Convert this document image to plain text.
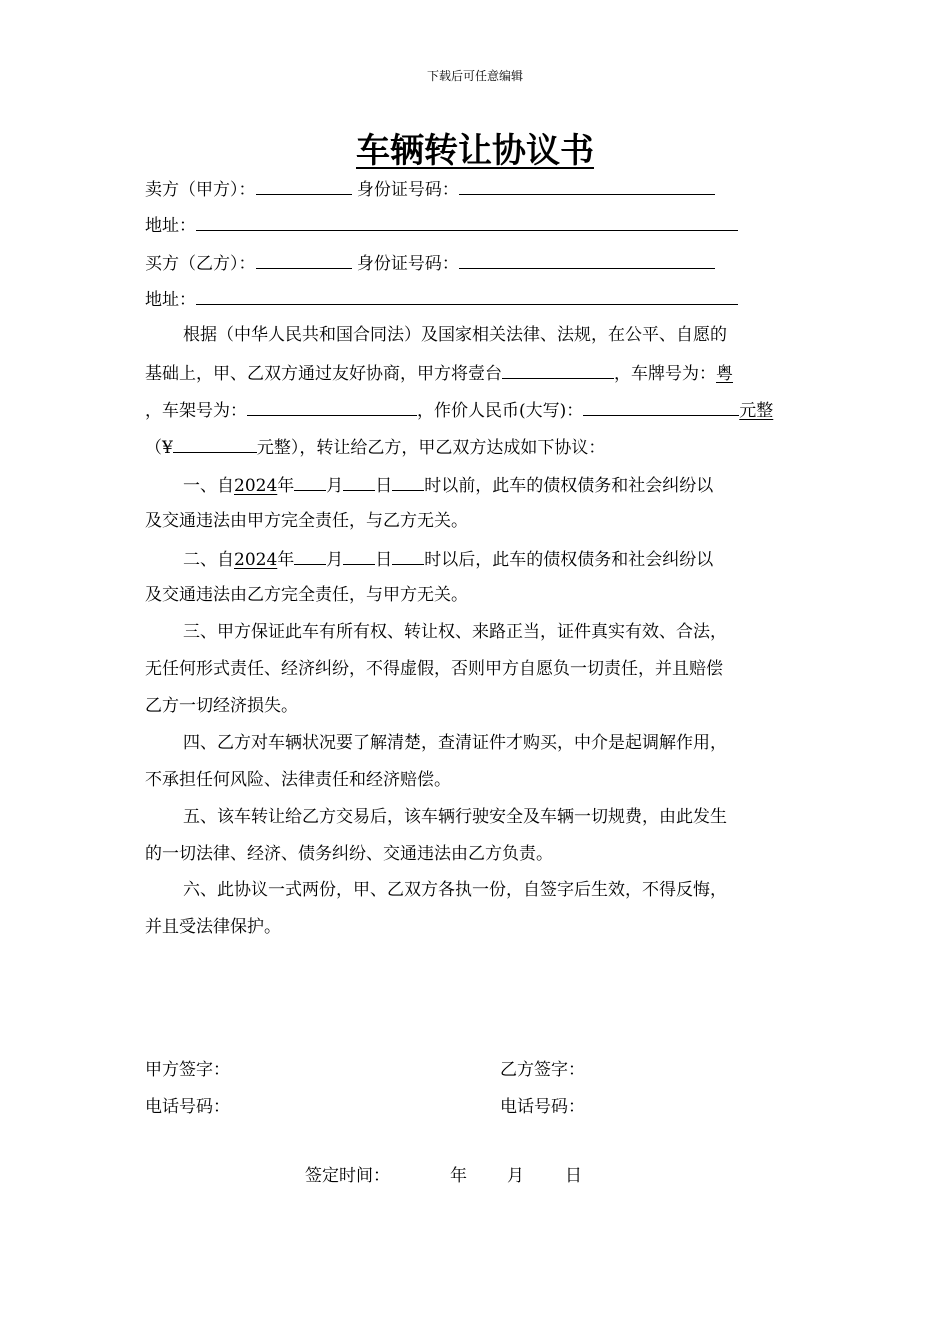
下载后可任意编辑
车辆转让协议书
卖方（甲方）：	身份证号码：
地址：
买方（乙方）：	身份证号码：
地址：
根据（中华人民共和国合同法）及国家相关法律、法规，在公平、自愿的
基础上，甲、乙双方通过友好协商，甲方将壹台	，车牌号为：粤
，车架号为：	，作价人民币(大写)：	元整
（¥	元整），转让给乙方，甲乙双方达成如下协议：
一、自2024年 月 日 时以前，此车的债权债务和社会纠纷以
及交通违法由甲方完全责任，与乙方无关。
二、自2024年 月 日 时以后，此车的债权债务和社会纠纷以
及交通违法由乙方完全责任，与甲方无关。
三、甲方保证此车有所有权、转让权、来路正当，证件真实有效、合法，
无任何形式责任、经济纠纷，不得虚假，否则甲方自愿负一切责任，并且赔偿
乙方一切经济损失。
四、乙方对车辆状况要了解清楚，查清证件才购买，中介是起调解作用，
不承担任何风险、法律责任和经济赔偿。
五、该车转让给乙方交易后，该车辆行驶安全及车辆一切规费，由此发生
的一切法律、经济、债务纠纷、交通违法由乙方负责。
六、此协议一式两份，甲、乙双方各执一份，自签字后生效，不得反悔，
并且受法律保护。
甲方签字：	乙方签字：
电话号码：	电话号码：
签定时间：	年 月 日
